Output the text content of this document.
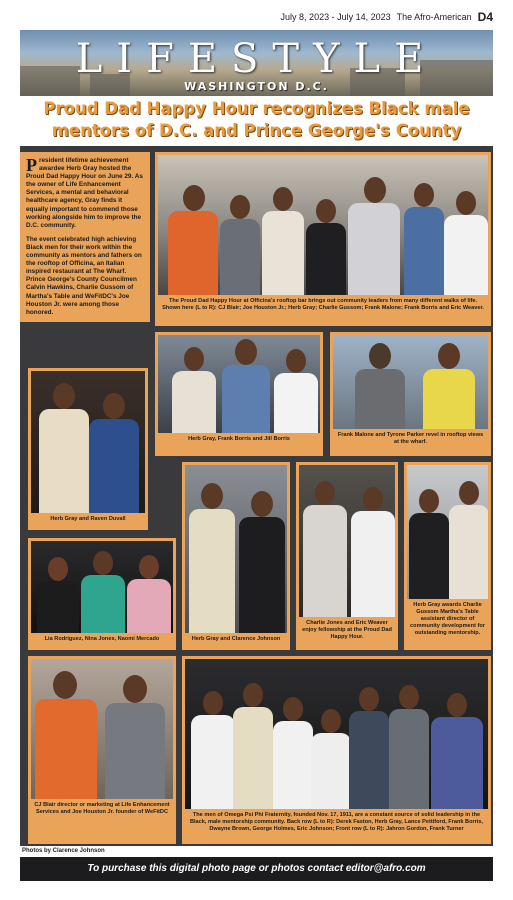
July 8, 2023 - July 14, 2023 The Afro-American D4
LIFESTYLE
WASHINGTON D.C.
Proud Dad Happy Hour recognizes Black male mentors of D.C. and Prince George's County

President lifetime achievement awardee Herb Gray hosted the Proud Dad Happy Hour on June 29. As the owner of Life Enhancement Services, a mental and behavioral healthcare agency, Gray finds it equally important to commend those working alongside him to improve the D.C. community.

The event celebrated high achieving Black men for their work within the community as mentors and fathers on the rooftop of Officina, an Italian inspired restaurant at The Wharf. Prince George's County Councilmen Calvin Hawkins, Charlie Gussom of Martha's Table and WeFitDC's Joe Houston Jr. were among those honored.

The Proud Dad Happy Hour at Officina's rooftop bar brings out community leaders from many different walks of life. Shown here (L to R): CJ Blair; Joe Houston Jr.; Herb Gray; Charlie Gussom; Frank Malone; Frank Borris and Eric Weaver.
Herb Gray, Frank Borris and Jill Borris
Frank Malone and Tyrone Parker revel in rooftop views at the wharf.
Herb Gray and Raven Duvall
Lia Rodriguez, Nina Jones, Naomi Mercado	Herb Gray and Clarence Johnson
Charlie Jones and Eric Weaver enjoy fellowship at the Proud Dad Happy Hour.
Herb Gray awards Charlie Gussom Martha's Table assistant director of community development for outstanding mentorship.
CJ Blair director or marketing at Life Enhancement Services and Joe Houston Jr. founder of WeFitDC	The men of Omega Psi Phi Fraternity, founded Nov. 17, 1911, are a constant source of solid leadership in the Black, male mentorship community. Back row (L to R): Derek Faston, Herb Gray, Lance Pettiford, Frank Borris, Dwayne Brown, George Holmes, Eric Johnson; Front row (L to R): Jahron Gordon, Frank Turner
Photos by Clarence Johnson
To purchase this digital photo page or photos contact editor@afro.com
